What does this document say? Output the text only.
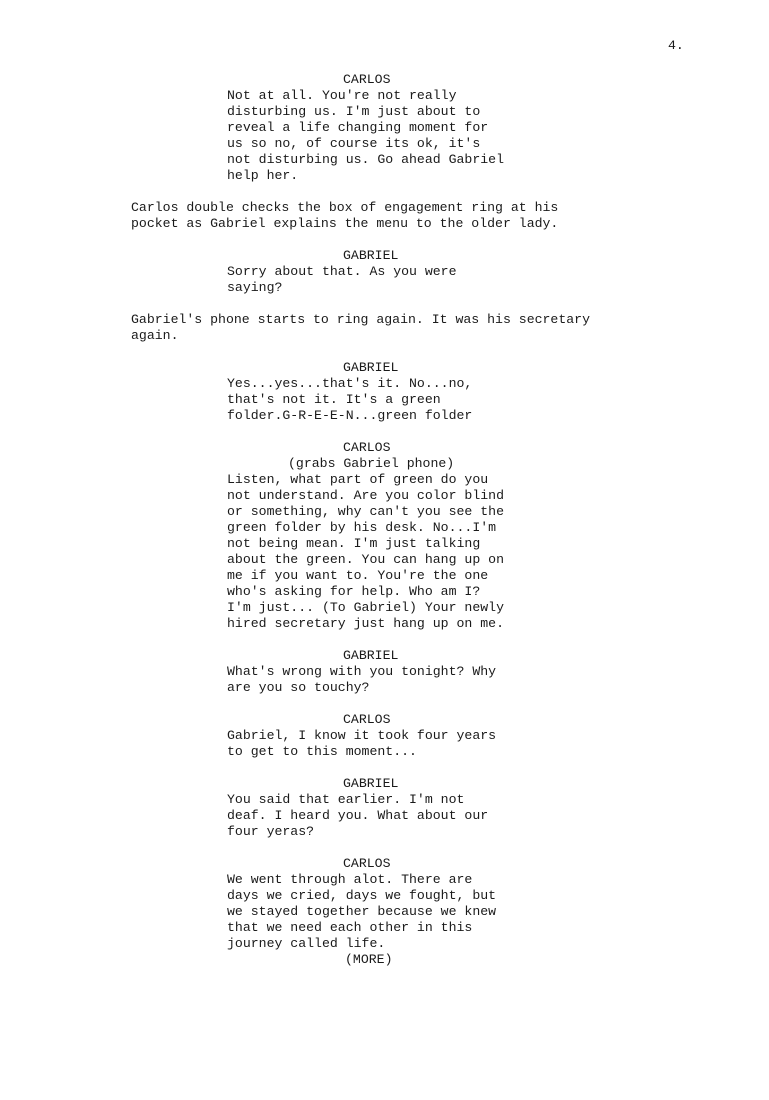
4.
CARLOS
Not at all. You're not really
disturbing us. I'm just about to
reveal a life changing moment for
us so no, of course its ok, it's
not disturbing us. Go ahead Gabriel
help her.
Carlos double checks the box of engagement ring at his
pocket as Gabriel explains the menu to the older lady.
GABRIEL
Sorry about that. As you were
saying?
Gabriel's phone starts to ring again. It was his secretary
again.
GABRIEL
Yes...yes...that's it. No...no,
that's not it. It's a green
folder.G-R-E-E-N...green folder
CARLOS
(grabs Gabriel phone)
Listen, what part of green do you
not understand. Are you color blind
or something, why can't you see the
green folder by his desk. No...I'm
not being mean. I'm just talking
about the green. You can hang up on
me if you want to. You're the one
who's asking for help. Who am I?
I'm just... (To Gabriel) Your newly
hired secretary just hang up on me.
GABRIEL
What's wrong with you tonight? Why
are you so touchy?
CARLOS
Gabriel, I know it took four years
to get to this moment...
GABRIEL
You said that earlier. I'm not
deaf. I heard you. What about our
four yeras?
CARLOS
We went through alot. There are
days we cried, days we fought, but
we stayed together because we knew
that we need each other in this
journey called life.
(MORE)
